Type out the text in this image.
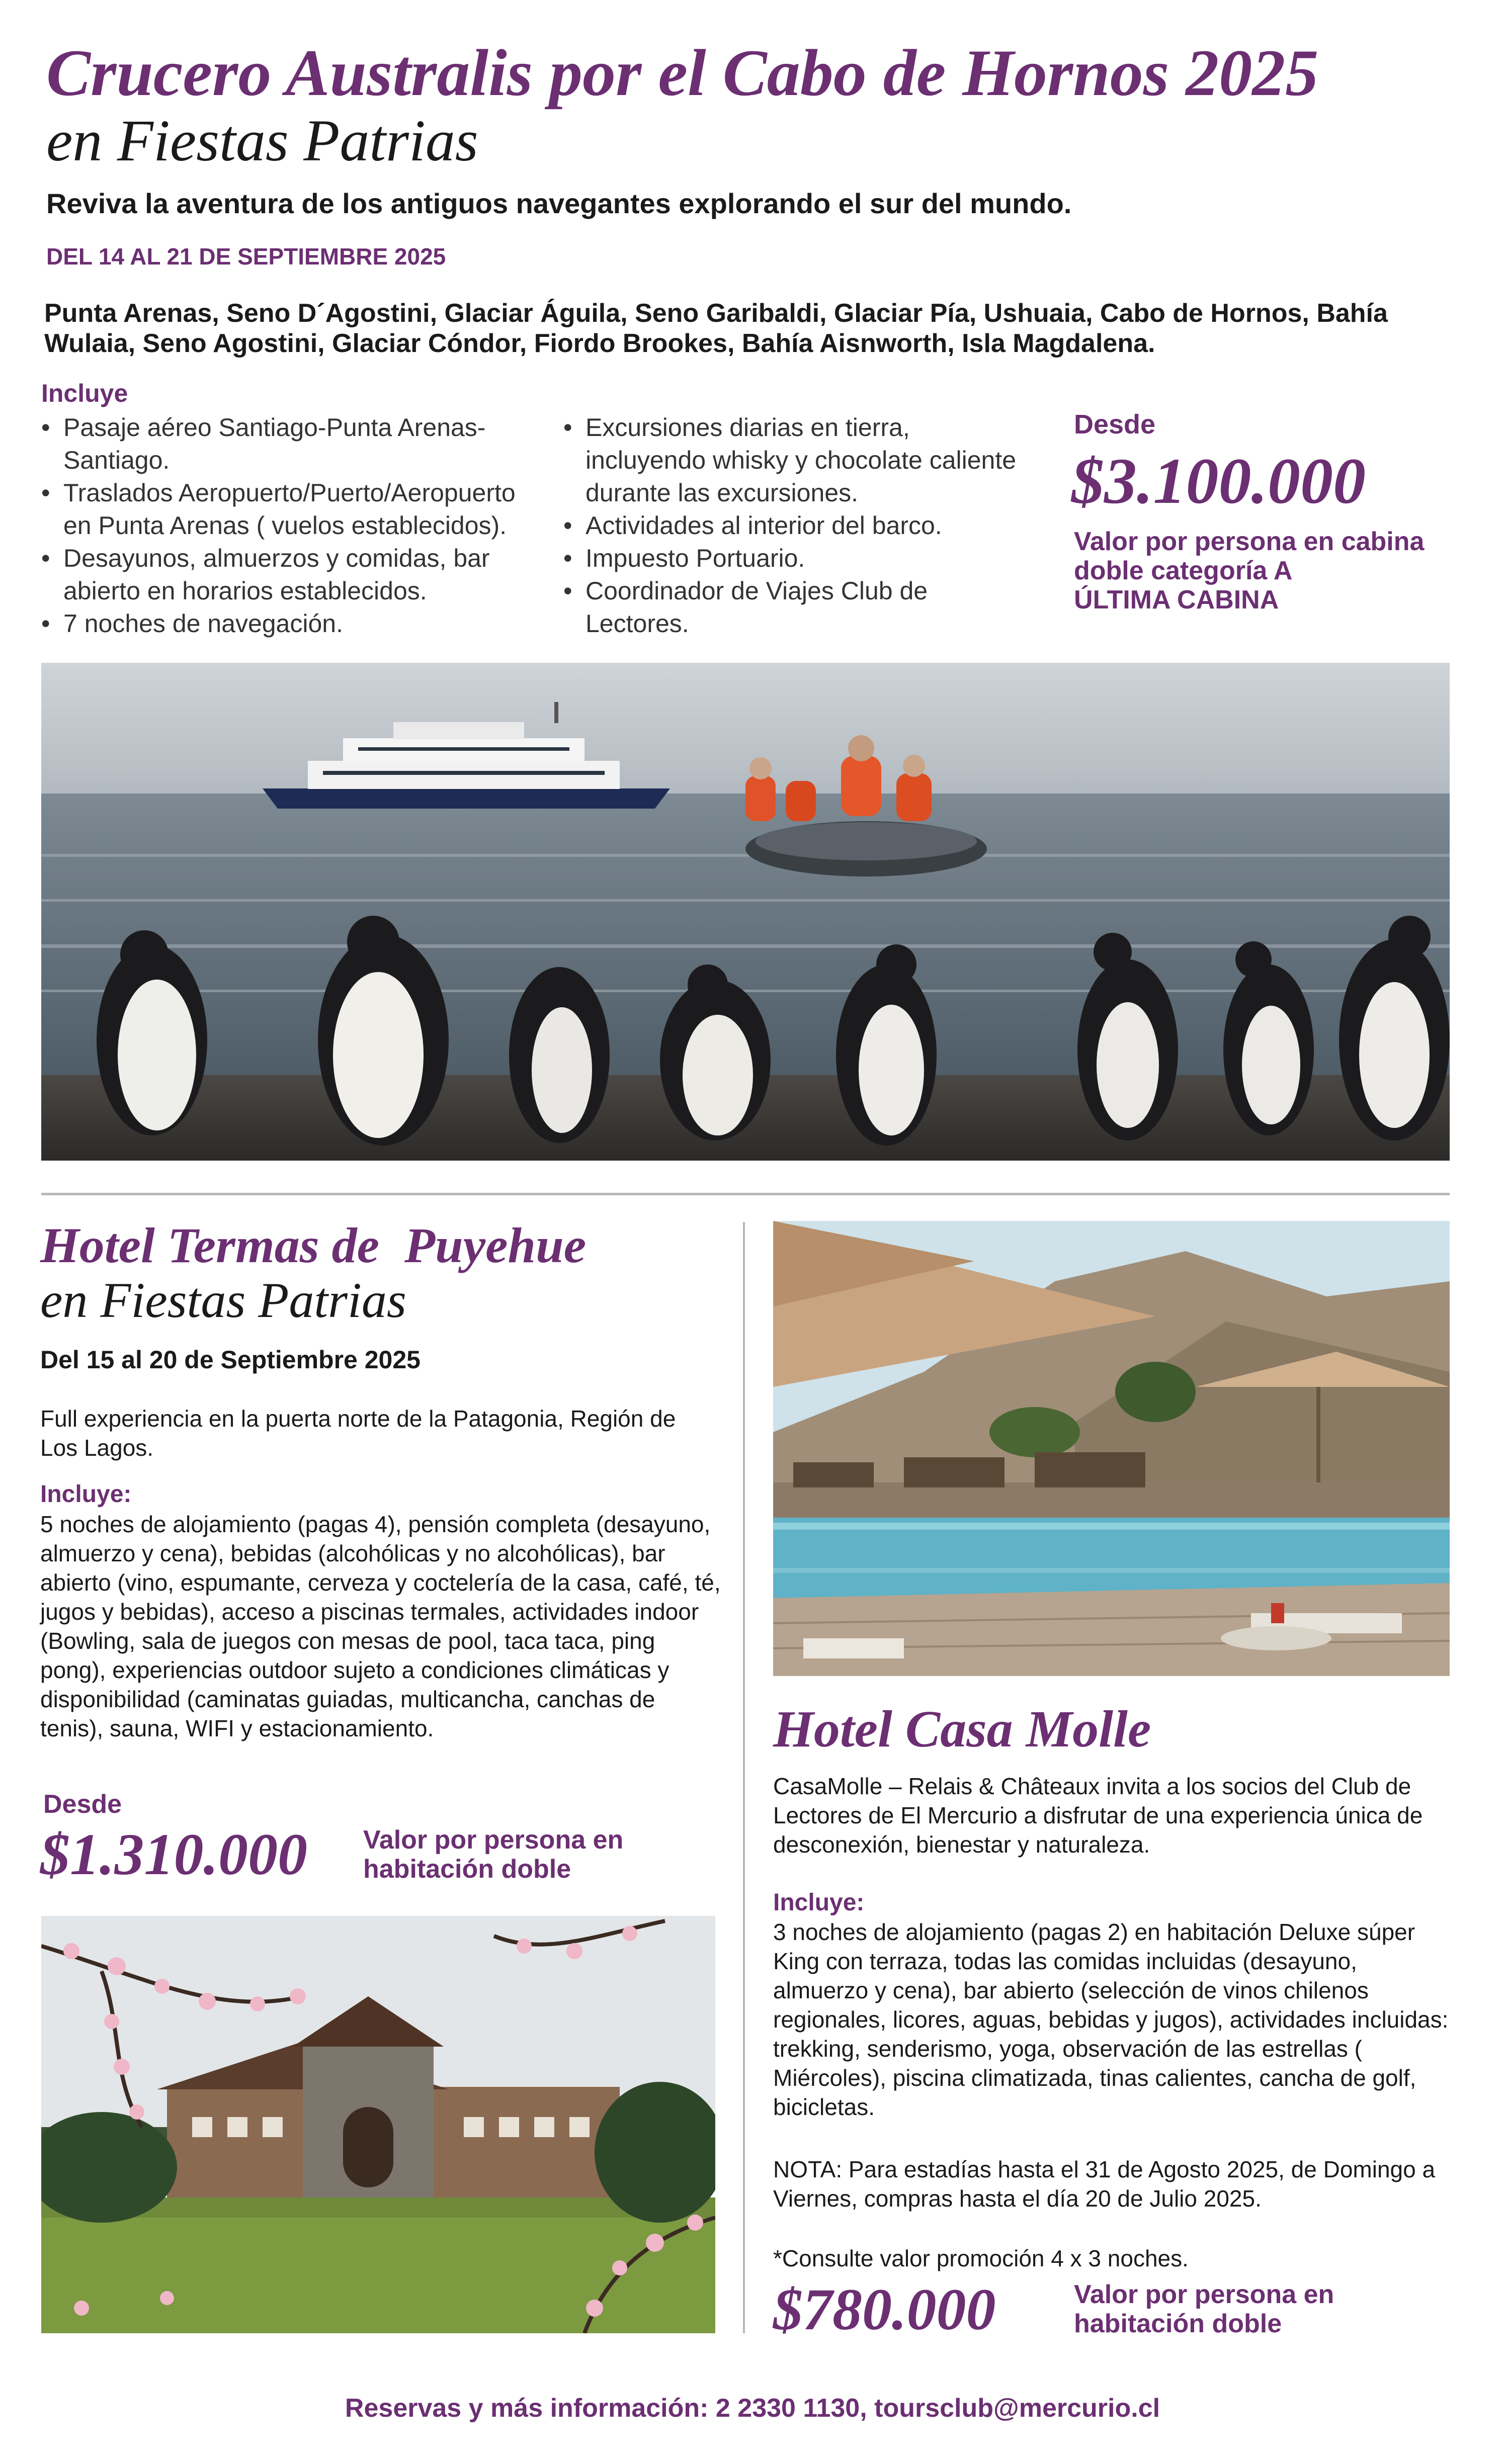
Crucero Australis por el Cabo de Hornos 2025
en Fiestas Patrias
Reviva la aventura de los antiguos navegantes explorando el sur del mundo.
DEL 14 AL 21 DE SEPTIEMBRE 2025
Punta Arenas, Seno D´Agostini, Glaciar Águila, Seno Garibaldi, Glaciar Pía, Ushuaia, Cabo de Hornos, Bahía Wulaia, Seno Agostini, Glaciar Cóndor, Fiordo Brookes, Bahía Aisnworth, Isla Magdalena.
Incluye
• Pasaje aéreo Santiago-Punta Arenas-Santiago.
• Traslados Aeropuerto/Puerto/Aeropuerto en Punta Arenas ( vuelos establecidos).
• Desayunos, almuerzos y comidas, bar abierto en horarios establecidos.
• 7 noches de navegación.
• Excursiones diarias en tierra, incluyendo whisky y chocolate caliente durante las excursiones.
• Actividades al interior del barco.
• Impuesto Portuario.
• Coordinador de Viajes Club de Lectores.
Desde
$3.100.000
Valor por persona en cabina doble categoría A
ÚLTIMA CABINA
Hotel Termas de  Puyehue
en Fiestas Patrias
Del 15 al 20 de Septiembre 2025
Full experiencia en la puerta norte de la Patagonia, Región de Los Lagos.
Incluye:
5 noches de alojamiento (pagas 4), pensión completa (desayuno, almuerzo y cena), bebidas (alcohólicas y no alcohólicas), bar abierto (vino, espumante, cerveza y coctelería de la casa, café, té, jugos y bebidas), acceso a piscinas termales, actividades indoor (Bowling, sala de juegos con mesas de pool, taca taca, ping pong), experiencias outdoor sujeto a condiciones climáticas y disponibilidad (caminatas guiadas, multicancha, canchas de tenis), sauna, WIFI y estacionamiento.
Desde
$1.310.000 Valor por persona en habitación doble
Hotel Casa Molle
CasaMolle – Relais & Châteaux invita a los socios del Club de Lectores de El Mercurio a disfrutar de una experiencia única de desconexión, bienestar y naturaleza.
Incluye:
3 noches de alojamiento (pagas 2) en habitación Deluxe súper King con terraza, todas las comidas incluidas (desayuno, almuerzo y cena), bar abierto (selección de vinos chilenos regionales, licores, aguas, bebidas y jugos), actividades incluidas: trekking, senderismo, yoga, observación de las estrellas ( Miércoles), piscina climatizada, tinas calientes, cancha de golf, bicicletas.
NOTA: Para estadías hasta el 31 de Agosto 2025, de Domingo a Viernes, compras hasta el día 20 de Julio 2025.
*Consulte valor promoción 4 x 3 noches.
$780.000	Valor por persona en habitación doble
Reservas y más información: 2 2330 1130, toursclub@mercurio.cl
